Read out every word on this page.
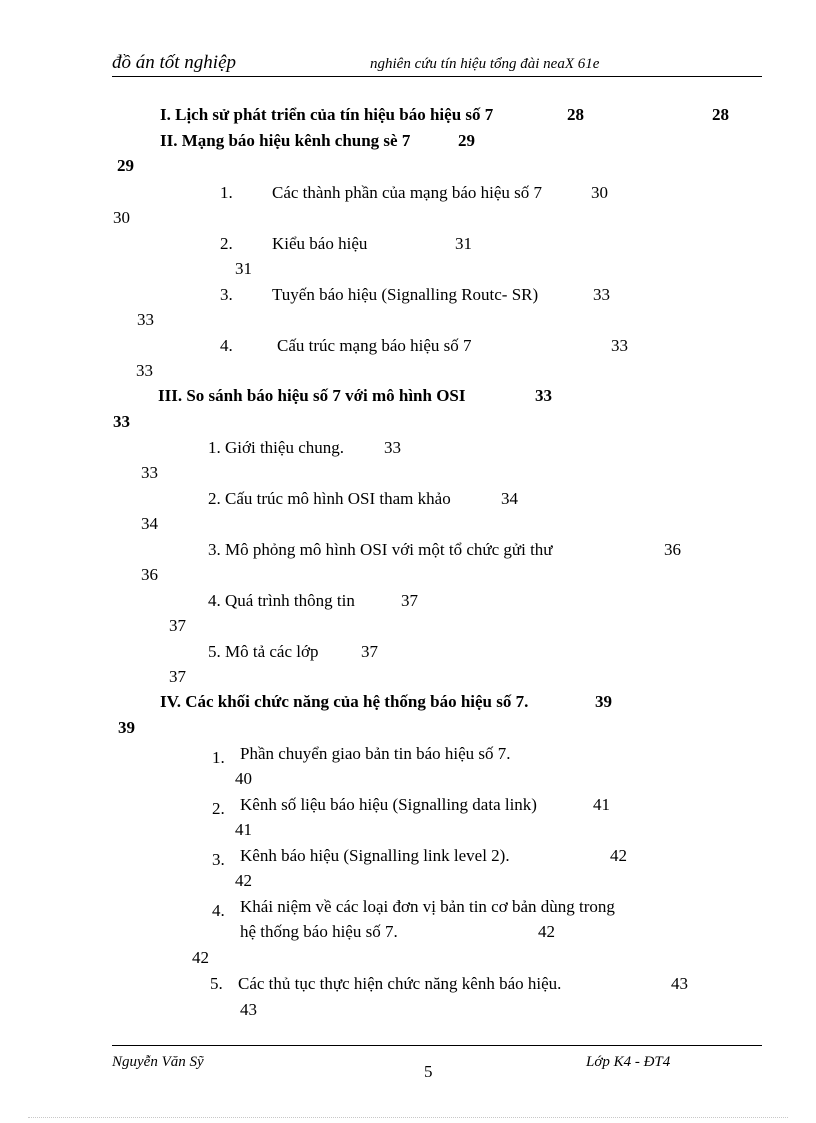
đồ án tốt nghiệp	nghiên cứu tín hiệu tổng đài neaX 61e
I. Lịch sử phát triển của tín hiệu báo hiệu số 7	28	28
II. Mạng báo hiệu kênh chung sè 7	29
29
1. Các thành phần của mạng báo hiệu số 7	30
30
2. Kiểu báo hiệu	31
31
3. Tuyến báo hiệu (Signalling Routc- SR)	33
33
4.	Cấu trúc mạng báo hiệu số 7	33
33
III. So sánh báo hiệu số 7 với mô hình OSI	33
33
1. Giới thiệu chung. 33
33
2. Cấu trúc mô hình OSI tham khảo	34
34
3. Mô phỏng mô hình OSI với một tổ chức gửi thư	36
36
4. Quá trình thông tin	37
37
5. Mô tả các lớp	37
37
IV. Các khối chức năng của hệ thống báo hiệu số 7.	39
39
1. Phần chuyển giao bản tin báo hiệu số 7.
40
2. Kênh số liệu báo hiệu (Signalling data link)	41
41
3. Kênh báo hiệu (Signalling link level 2).	42
42
4. Khái niệm về các loại đơn vị bản tin cơ bản dùng trong
hệ thống báo hiệu số 7.	42
42
5. Các thủ tục thực hiện chức năng kênh báo hiệu.	43
43
Nguyễn Văn Sỹ	5	Lớp K4 - ĐT4
